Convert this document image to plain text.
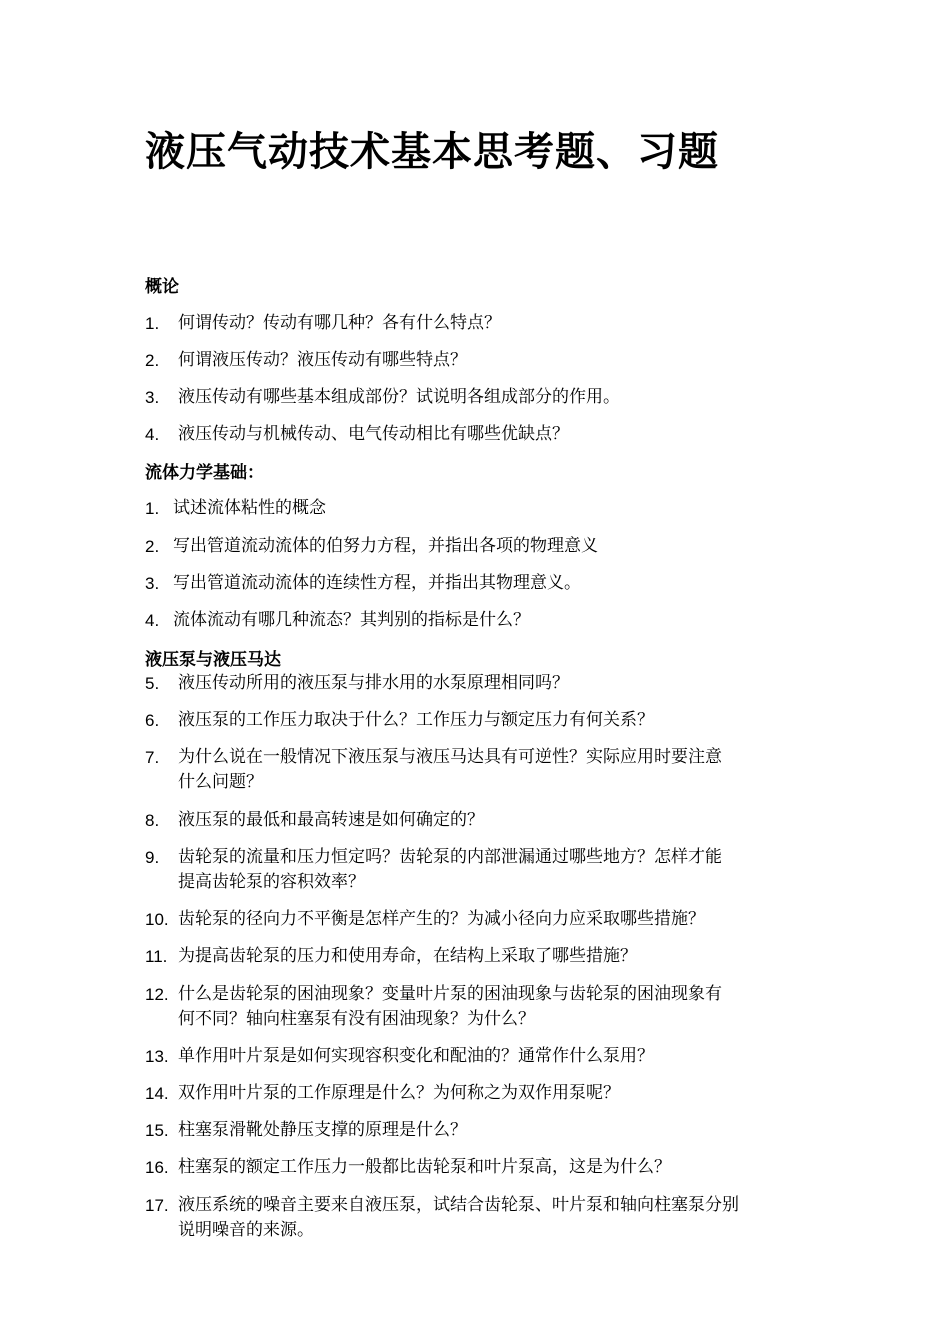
液压气动技术基本思考题、习题
概论
1. 何谓传动？传动有哪几种？各有什么特点？
2. 何谓液压传动？液压传动有哪些特点？
3. 液压传动有哪些基本组成部份？试说明各组成部分的作用。
4. 液压传动与机械传动、电气传动相比有哪些优缺点？
流体力学基础：
1. 试述流体粘性的概念
2. 写出管道流动流体的伯努力方程，并指出各项的物理意义
3. 写出管道流动流体的连续性方程，并指出其物理意义。
4. 流体流动有哪几种流态？其判别的指标是什么？
液压泵与液压马达
5. 液压传动所用的液压泵与排水用的水泵原理相同吗？
6. 液压泵的工作压力取决于什么？工作压力与额定压力有何关系？
7. 为什么说在一般情况下液压泵与液压马达具有可逆性？实际应用时要注意
什么问题？
8. 液压泵的最低和最高转速是如何确定的？
9. 齿轮泵的流量和压力恒定吗？齿轮泵的内部泄漏通过哪些地方？怎样才能
提高齿轮泵的容积效率？
10. 齿轮泵的径向力不平衡是怎样产生的？为减小径向力应采取哪些措施？
11. 为提高齿轮泵的压力和使用寿命，在结构上采取了哪些措施？
12. 什么是齿轮泵的困油现象？变量叶片泵的困油现象与齿轮泵的困油现象有
何不同？轴向柱塞泵有没有困油现象？为什么？
13. 单作用叶片泵是如何实现容积变化和配油的？通常作什么泵用？
14. 双作用叶片泵的工作原理是什么？为何称之为双作用泵呢？
15. 柱塞泵滑靴处静压支撑的原理是什么？
16. 柱塞泵的额定工作压力一般都比齿轮泵和叶片泵高，这是为什么？
17. 液压系统的噪音主要来自液压泵，试结合齿轮泵、叶片泵和轴向柱塞泵分别
说明噪音的来源。
